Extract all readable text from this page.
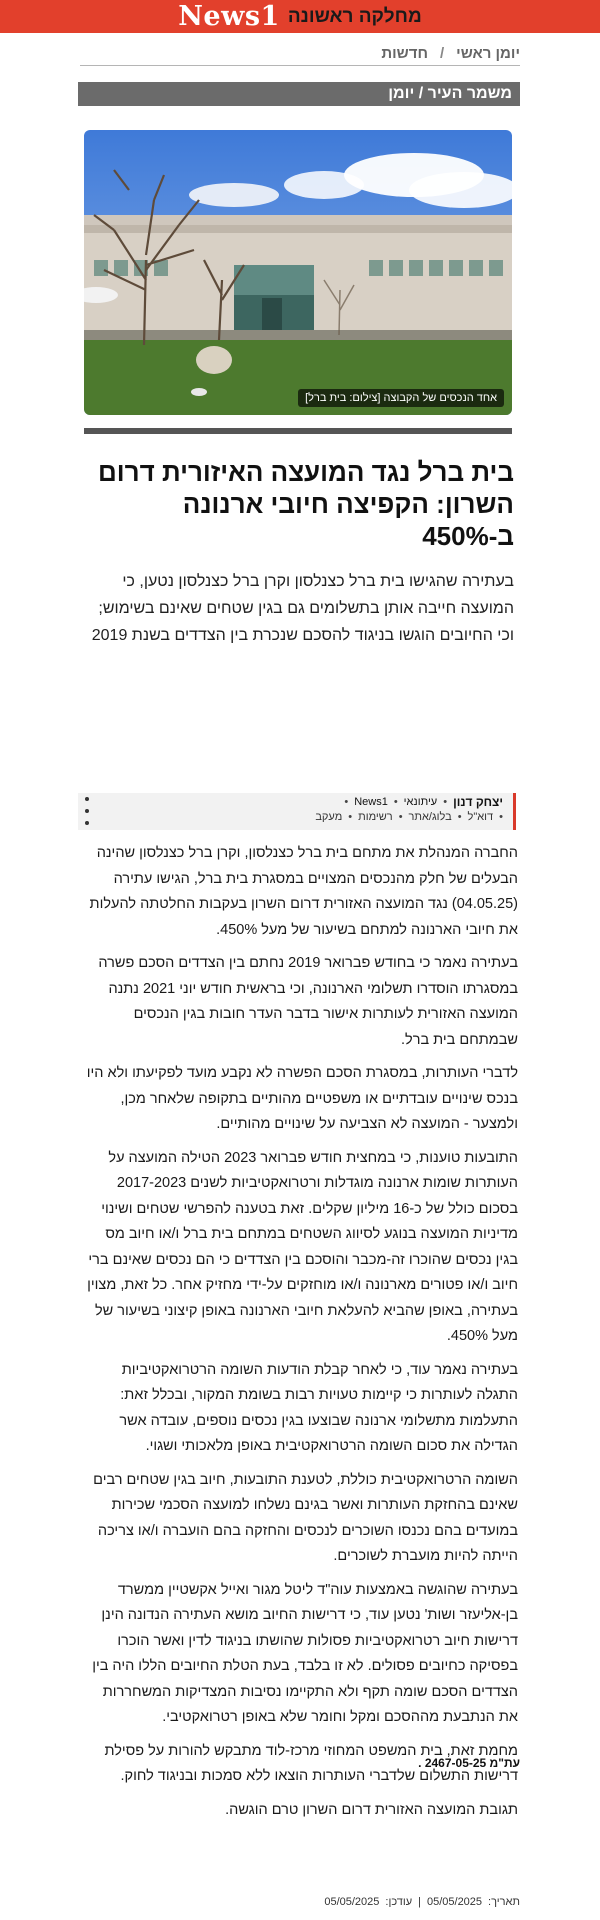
מחלקה ראשונה
News1
יומן ראשי
/
חדשות
משמר העיר / יומן
אחד הנכסים של הקבוצה [צילום: בית ברל]
בית ברל נגד המועצה האיזורית דרום השרון: הקפיצה חיובי ארנונה ב-450%

בעתירה שהגישו בית ברל כצנלסון וקרן ברל כצנלסון נטען, כי המועצה חייבה אותן בתשלומים גם בגין שטחים שאינם בשימוש; וכי החיובים הוגשו בניגוד להסכם שנכרת בין הצדדים בשנת 2019

יצחק דנון
•
עיתונאי
•
News1
•
•
דוא"ל
•
בלוג/אתר
•
רשימות
•
מעקב

החברה המנהלת את מתחם בית ברל כצנלסון, וקרן ברל כצנלסון שהינה הבעלים של חלק מהנכסים המצויים במסגרת בית ברל, הגישו עתירה (04.05.25) נגד המועצה האזורית דרום השרון בעקבות החלטתה להעלות את חיובי הארנונה למתחם בשיעור של מעל 450%.

בעתירה נאמר כי בחודש פברואר 2019 נחתם בין הצדדים הסכם פשרה במסגרתו הוסדרו תשלומי הארנונה, וכי בראשית חודש יוני 2021 נתנה המועצה האזורית לעותרות אישור בדבר העדר חובות בגין הנכסים שבמתחם בית ברל.

לדברי העותרות, במסגרת הסכם הפשרה לא נקבע מועד לפקיעתו ולא היו בנכס שינויים עובדתיים או משפטיים מהותיים בתקופה שלאחר מכן, ולמצער - המועצה לא הצביעה על שינויים מהותיים.

התובעות טוענות, כי במחצית חודש פברואר 2023 הטילה המועצה על העותרות שומות ארנונה מוגדלות ורטרואקטיביות לשנים 2017-2023 בסכום כולל של כ-16 מיליון שקלים. זאת בטענה להפרשי שטחים ושינוי מדיניות המועצה בנוגע לסיווג השטחים במתחם בית ברל ו/או חיוב מס בגין נכסים שהוכרו זה-מכבר והוסכם בין הצדדים כי הם נכסים שאינם ברי חיוב ו/או פטורים מארנונה ו/או מוחזקים על-ידי מחזיק אחר. כל זאת, מצוין בעתירה, באופן שהביא להעלאת חיובי הארנונה באופן קיצוני בשיעור של מעל 450%.

בעתירה נאמר עוד, כי לאחר קבלת הודעות השומה הרטרואקטיביות התגלה לעותרות כי קיימות טעויות רבות בשומת המקור, ובכלל זאת: התעלמות מתשלומי ארנונה שבוצעו בגין נכסים נוספים, עובדה אשר הגדילה את סכום השומה הרטרואקטיבית באופן מלאכותי ושגוי.

השומה הרטרואקטיבית כוללת, לטענת התובעות, חיוב בגין שטחים רבים שאינם בהחזקת העותרות ואשר בגינם נשלחו למועצה הסכמי שכירות במועדים בהם נכנסו השוכרים לנכסים והחזקה בהם הועברה ו/או צריכה הייתה להיות מועברת לשוכרים.

בעתירה שהוגשה באמצעות עוה"ד ליטל מגור ואייל אקשטיין ממשרד בן-אליעזר ושות' נטען עוד, כי דרישות החיוב מושא העתירה הנדונה הינן דרישות חיוב רטרואקטיביות פסולות שהושתו בניגוד לדין ואשר הוכרו בפסיקה כחיובים פסולים. לא זו בלבד, בעת הטלת החיובים הללו היה בין הצדדים הסכם שומה תקף ולא התקיימו נסיבות המצדיקות המשחררות את הנתבעת מההסכם ומקל וחומר שלא באופן רטרואקטיבי.

מחמת זאת, בית המשפט המחוזי מרכז-לוד מתבקש להורות על פסילת דרישות התשלום שלדברי העותרות הוצאו ללא סמכות ובניגוד לחוק.

תגובת המועצה האזורית דרום השרון טרם הוגשה.

עת"מ 2467-05-25 .
תאריך:
05/05/2025
|
עודכן:
05/05/2025
